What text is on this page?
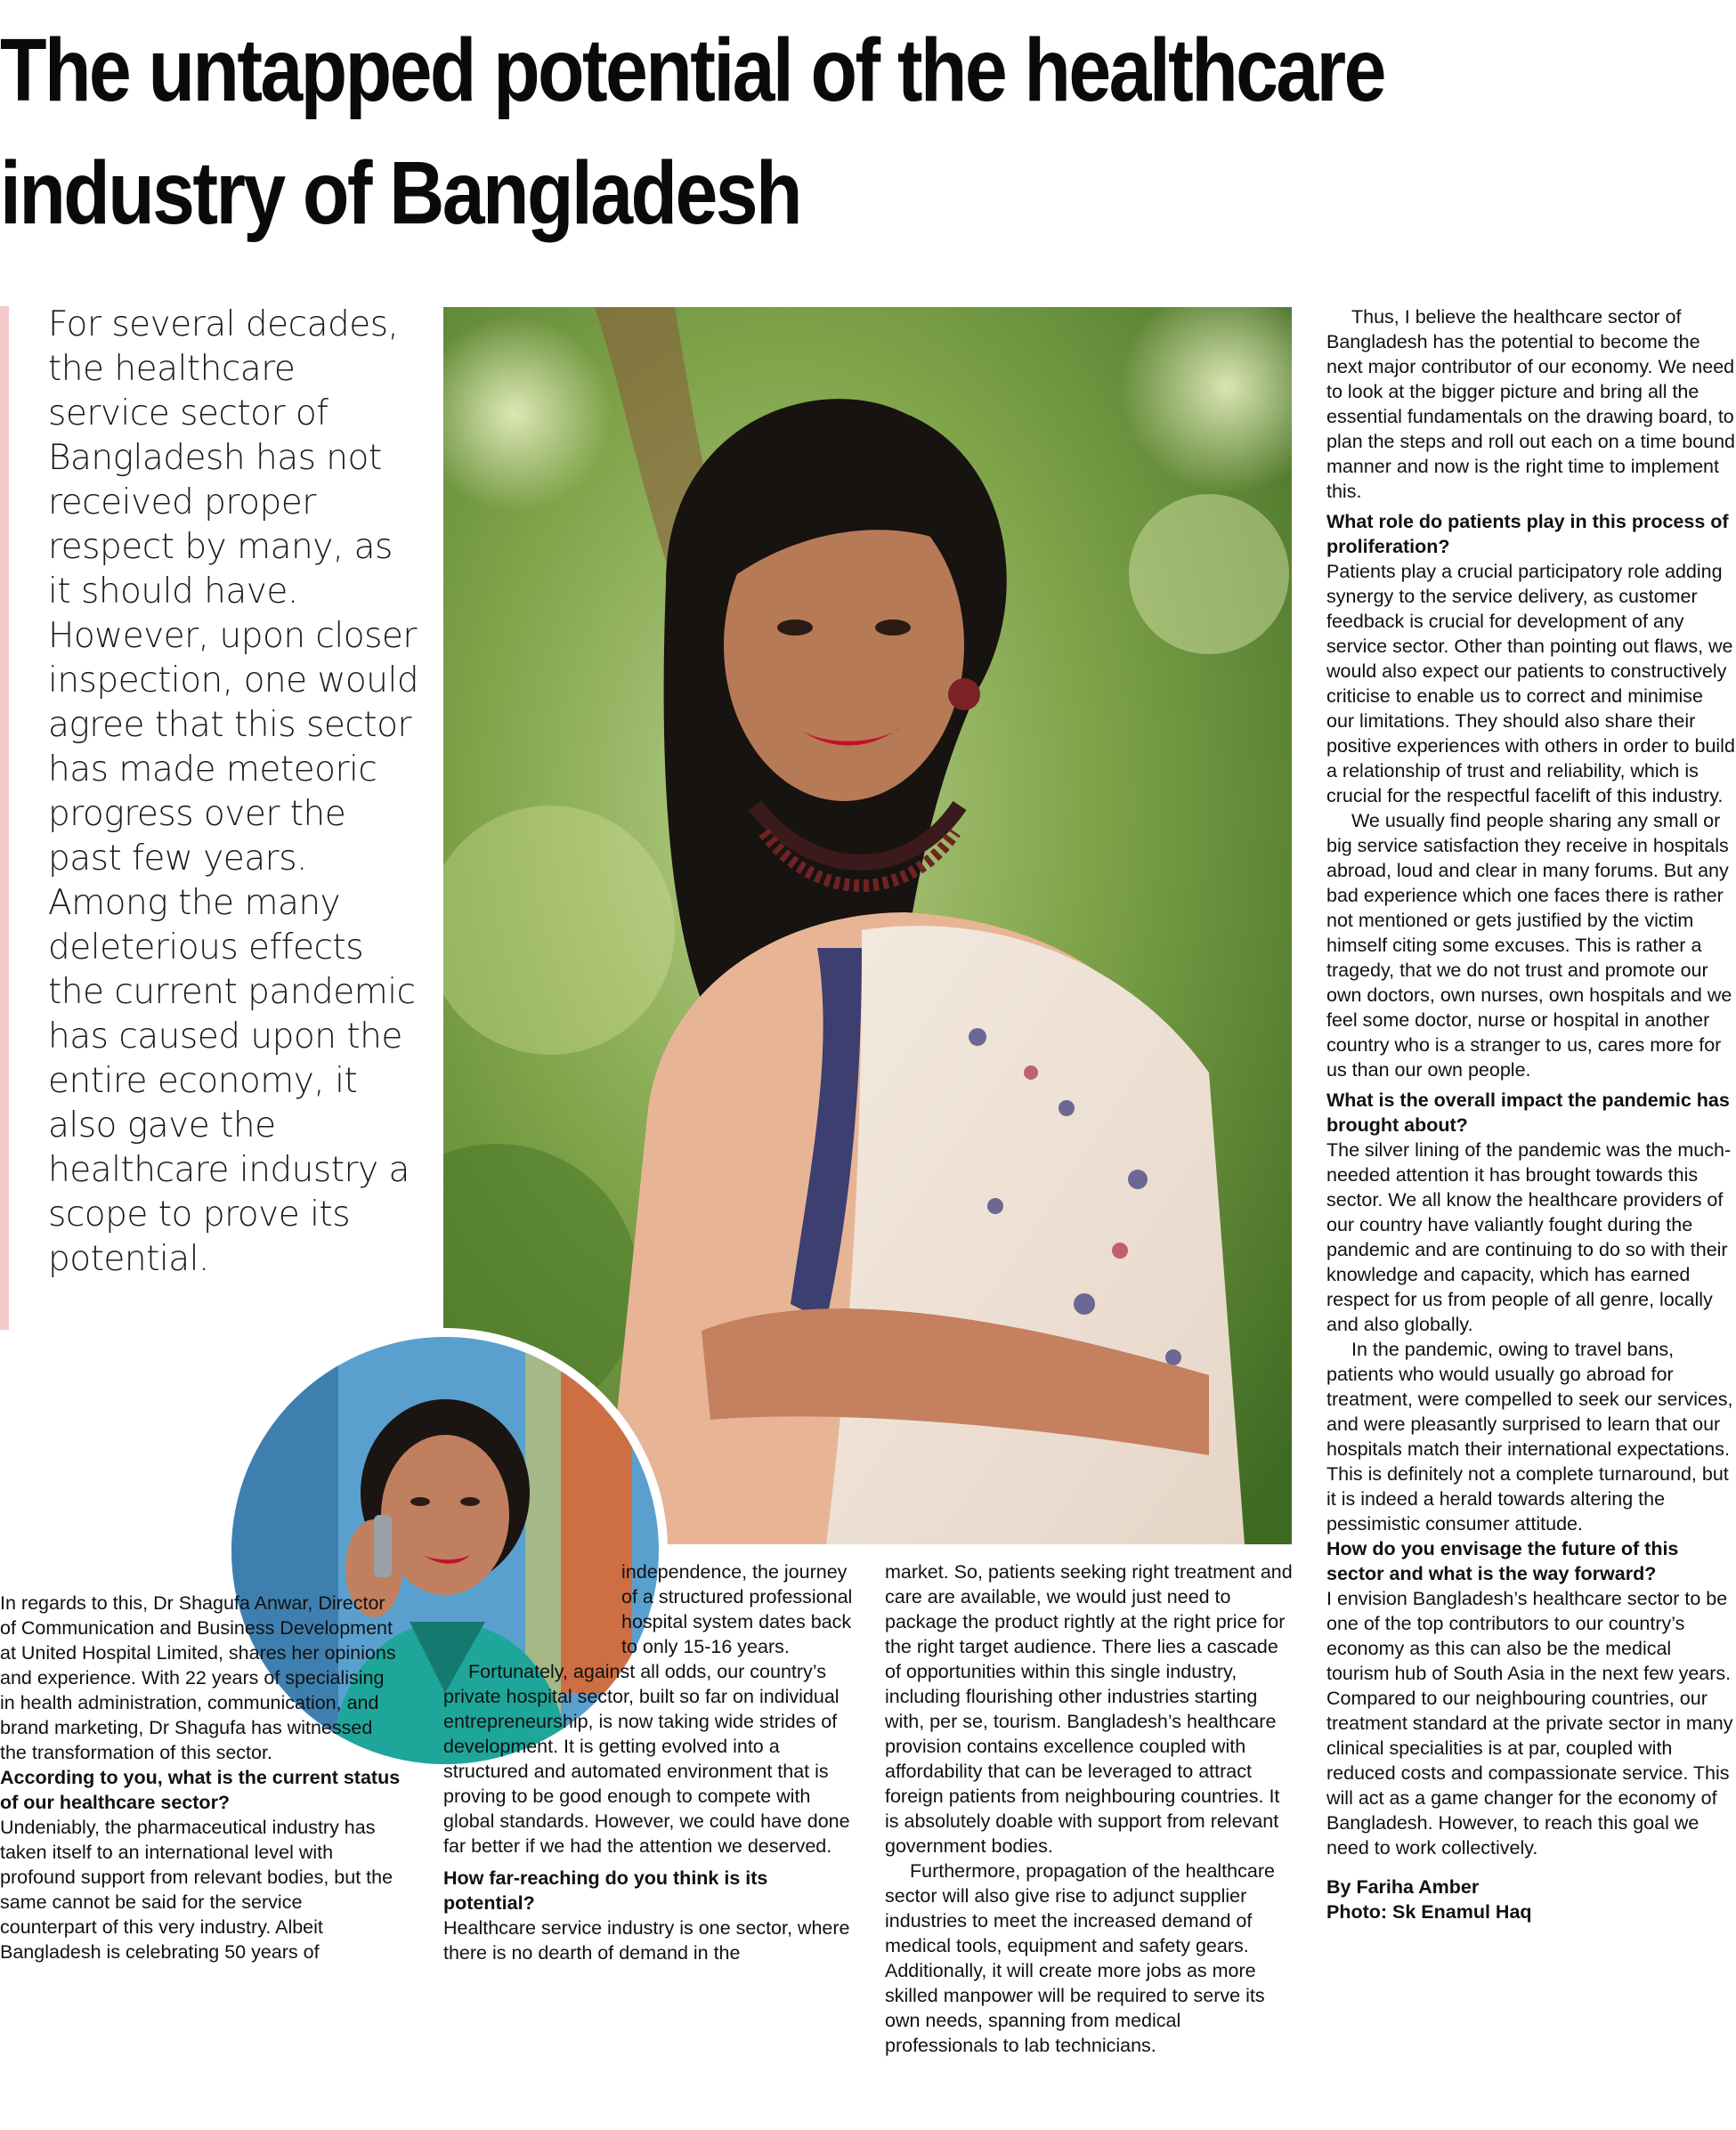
The untapped potential of the healthcare industry of Bangladesh

For several decades, the healthcare service sector of Bangladesh has not received proper respect by many, as it should have. However, upon closer inspection, one would agree that this sector has made meteoric progress over the past few years. Among the many deleterious effects the current pandemic has caused upon the entire economy, it also gave the healthcare industry a scope to prove its potential.

In regards to this, Dr Shagufa Anwar, Director of Communication and Business Development at United Hospital Limited, shares her opinions and experience. With 22 years of specialising in health administration, communication, and brand marketing, Dr Shagufa has witnessed the transformation of this sector.

According to you, what is the current status of our healthcare sector?

Undeniably, the pharmaceutical industry has taken itself to an international level with profound support from relevant bodies, but the same cannot be said for the service counterpart of this very industry. Albeit Bangladesh is celebrating 50 years of

independence, the journey of a structured professional hospital system dates back to only 15-16 years.

Fortunately, against all odds, our country’s private hospital sector, built so far on individual entrepreneurship, is now taking wide strides of development. It is getting evolved into a structured and automated environment that is proving to be good enough to compete with global standards. However, we could have done far better if we had the attention we deserved.

How far-reaching do you think is its potential?

Healthcare service industry is one sector, where there is no dearth of demand in the

market. So, patients seeking right treatment and care are available, we would just need to package the product rightly at the right price for the right target audience. There lies a cascade of opportunities within this single industry, including flourishing other industries starting with, per se, tourism. Bangladesh’s healthcare provision contains excellence coupled with affordability that can be leveraged to attract foreign patients from neighbouring countries. It is absolutely doable with support from relevant government bodies.

Furthermore, propagation of the healthcare sector will also give rise to adjunct supplier industries to meet the increased demand of medical tools, equipment and safety gears. Additionally, it will create more jobs as more skilled manpower will be required to serve its own needs, spanning from medical professionals to lab technicians.

Thus, I believe the healthcare sector of Bangladesh has the potential to become the next major contributor of our economy. We need to look at the bigger picture and bring all the essential fundamentals on the drawing board, to plan the steps and roll out each on a time bound manner and now is the right time to implement this.

What role do patients play in this process of proliferation?

Patients play a crucial participatory role adding synergy to the service delivery, as customer feedback is crucial for development of any service sector. Other than pointing out flaws, we would also expect our patients to constructively criticise to enable us to correct and minimise our limitations. They should also share their positive experiences with others in order to build a relationship of trust and reliability, which is crucial for the respectful facelift of this industry.

We usually find people sharing any small or big service satisfaction they receive in hospitals abroad, loud and clear in many forums. But any bad experience which one faces there is rather not mentioned or gets justified by the victim himself citing some excuses. This is rather a tragedy, that we do not trust and promote our own doctors, own nurses, own hospitals and we feel some doctor, nurse or hospital in another country who is a stranger to us, cares more for us than our own people.

What is the overall impact the pandemic has brought about?

The silver lining of the pandemic was the much-needed attention it has brought towards this sector. We all know the healthcare providers of our country have valiantly fought during the pandemic and are continuing to do so with their knowledge and capacity, which has earned respect for us from people of all genre, locally and also globally.

In the pandemic, owing to travel bans, patients who would usually go abroad for treatment, were compelled to seek our services, and were pleasantly surprised to learn that our hospitals match their international expectations. This is definitely not a complete turnaround, but it is indeed a herald towards altering the pessimistic consumer attitude.

How do you envisage the future of this sector and what is the way forward?

I envision Bangladesh’s healthcare sector to be one of the top contributors to our country’s economy as this can also be the medical tourism hub of South Asia in the next few years. Compared to our neighbouring countries, our treatment standard at the private sector in many clinical specialities is at par, coupled with reduced costs and compassionate service. This will act as a game changer for the economy of Bangladesh. However, to reach this goal we need to work collectively.

By Fariha Amber

Photo: Sk Enamul Haq
